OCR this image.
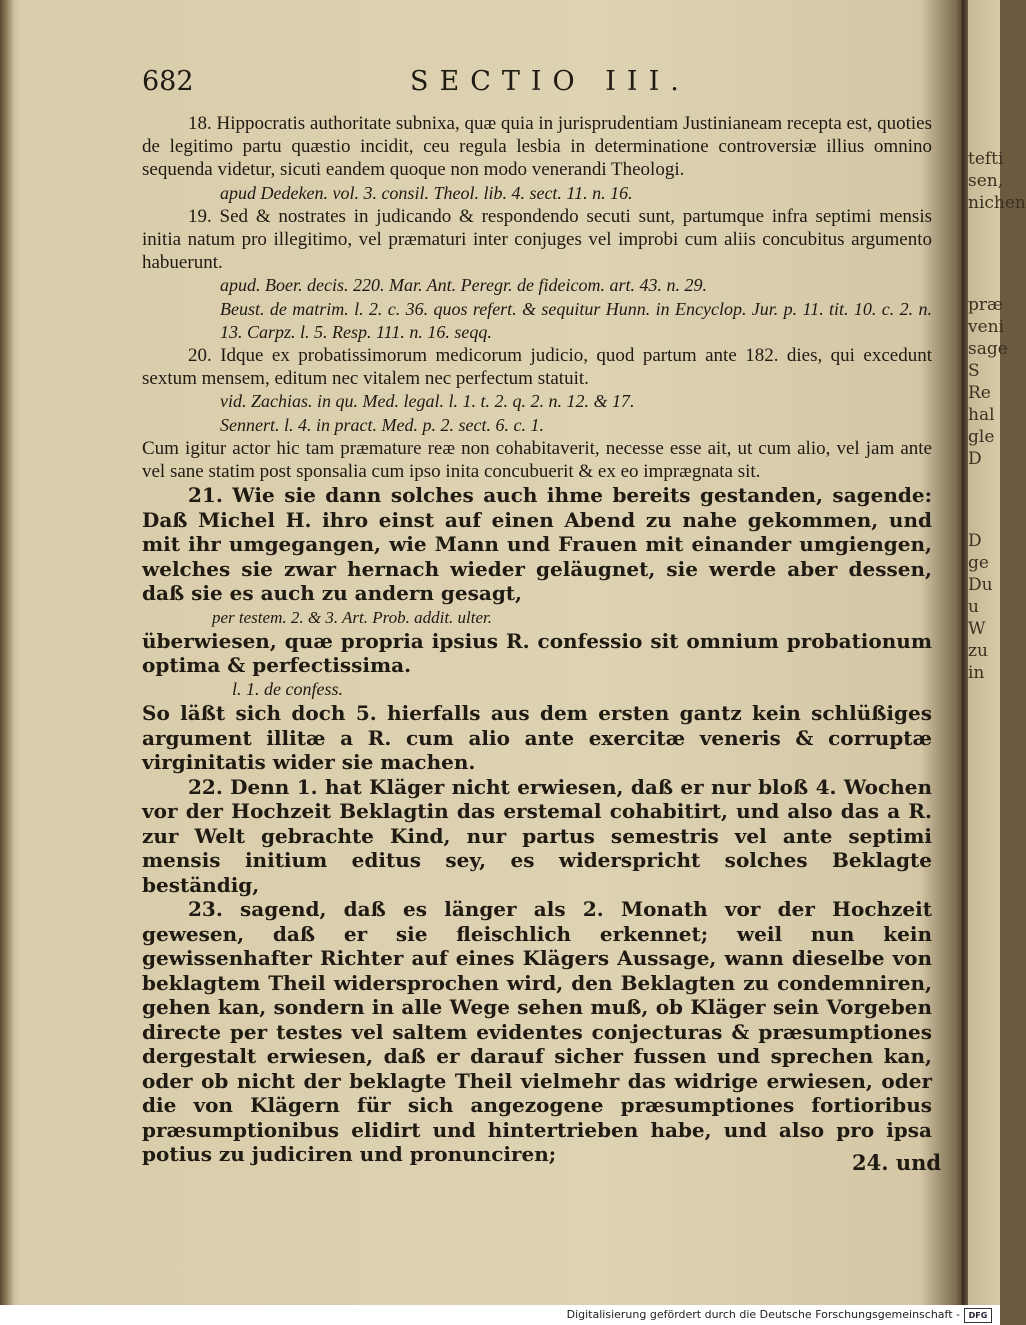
tefti
sen,
nichen
præ
veni
sage
S
Re
hal
gle
D
D
ge
Du
u
W
zu
in
682	SECTIO III.

18. Hippocratis authoritate subnixa, quæ quia in jurisprudentiam Justinianeam recepta est, quoties de legitimo partu quæstio incidit, ceu regula lesbia in determinatione controversiæ illius omnino sequenda videtur, sicuti eandem quoque non modo venerandi Theologi.

apud Dedeken. vol. 3. consil. Theol. lib. 4. sect. 11. n. 16.

19. Sed & nostrates in judicando & respondendo secuti sunt, partumque infra septimi mensis initia natum pro illegitimo, vel præmaturi inter conjuges vel improbi cum aliis concubitus argumento habuerunt.

apud. Boer. decis. 220. Mar. Ant. Peregr. de fideicom. art. 43. n. 29.

Beust. de matrim. l. 2. c. 36. quos refert. & sequitur Hunn. in Encyclop. Jur. p. 11. tit. 10. c. 2. n. 13. Carpz. l. 5. Resp. 111. n. 16. seqq.

20. Idque ex probatissimorum medicorum judicio, quod partum ante 182. dies, qui excedunt sextum mensem, editum nec vitalem nec perfectum statuit.

vid. Zachias. in qu. Med. legal. l. 1. t. 2. q. 2. n. 12. & 17.

Sennert. l. 4. in pract. Med. p. 2. sect. 6. c. 1.

Cum igitur actor hic tam præmature reæ non cohabitaverit, necesse esse ait, ut cum alio, vel jam ante vel sane statim post sponsalia cum ipso inita concubuerit & ex eo imprægnata sit.

21. Wie sie dann solches auch ihme bereits gestanden, sagende: Daß Michel H. ihro einst auf einen Abend zu nahe gekommen, und mit ihr umgegangen, wie Mann und Frauen mit einander umgiengen, welches sie zwar hernach wieder geläugnet, sie werde aber dessen, daß sie es auch zu andern gesagt,

per testem. 2. & 3. Art. Prob. addit. ulter.

überwiesen, quæ propria ipsius R. confessio sit omnium probationum optima & perfectissima.

l. 1. de confess.

So läßt sich doch 5. hierfalls aus dem ersten gantz kein schlüßiges argument illitæ a R. cum alio ante exercitæ veneris & corruptæ virginitatis wider sie machen.

22. Denn 1. hat Kläger nicht erwiesen, daß er nur bloß 4. Wochen vor der Hochzeit Beklagtin das erstemal cohabitirt, und also das a R. zur Welt gebrachte Kind, nur partus semestris vel ante septimi mensis initium editus sey, es widerspricht solches Beklagte beständig,

23. sagend, daß es länger als 2. Monath vor der Hochzeit gewesen, daß er sie fleischlich erkennet; weil nun kein gewissenhafter Richter auf eines Klägers Aussage, wann dieselbe von beklagtem Theil widersprochen wird, den Beklagten zu condemniren, gehen kan, sondern in alle Wege sehen muß, ob Kläger sein Vorgeben directe per testes vel saltem evidentes conjecturas & præsumptiones dergestalt erwiesen, daß er darauf sicher fussen und sprechen kan, oder ob nicht der beklagte Theil vielmehr das widrige erwiesen, oder die von Klägern für sich angezogene præsumptiones fortioribus præsumptionibus elidirt und hintertrieben habe, und also pro ipsa potius zu judiciren und pronunciren;	24. und
Digitalisierung gefördert durch die Deutsche Forschungsgemeinschaft -	DFG
